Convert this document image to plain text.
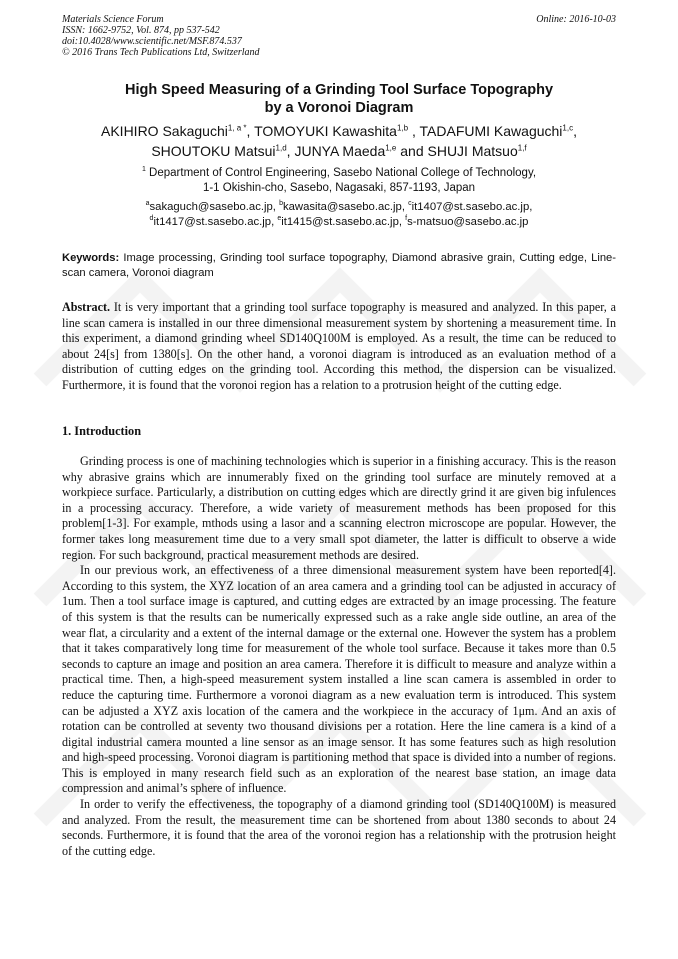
Materials Science Forum
ISSN: 1662-9752, Vol. 874, pp 537-542
doi:10.4028/www.scientific.net/MSF.874.537
© 2016 Trans Tech Publications Ltd, Switzerland
Online: 2016-10-03
High Speed Measuring of a Grinding Tool Surface Topography
by a Voronoi Diagram
AKIHIRO Sakaguchi$^{1, a *}$, TOMOYUKI Kawashita$^{1,b}$ , TADAFUMI Kawaguchi$^{1,c}$,
SHOUTOKU Matsui$^{1,d}$, JUNYA Maeda$^{1,e}$ and SHUJI Matsuo$^{1,f}$
$^1$ Department of Control Engineering, Sasebo National College of Technology,
1-1 Okishin-cho, Sasebo, Nagasaki, 857-1193, Japan
$^a$sakaguch@sasebo.ac.jp, $^b$kawasita@sasebo.ac.jp, $^c$it1407@st.sasebo.ac.jp,
$^d$it1417@st.sasebo.ac.jp, $^e$it1415@st.sasebo.ac.jp, $^f$s-matsuo@sasebo.ac.jp
Keywords: Image processing, Grinding tool surface topography, Diamond abrasive grain, Cutting edge, Line-scan camera, Voronoi diagram
Abstract. It is very important that a grinding tool surface topography is measured and analyzed. In this paper, a line scan camera is installed in our three dimensional measurement system by shortening a measurement time. In this experiment, a diamond grinding wheel SD140Q100M is employed. As a result, the time can be reduced to about 24[s] from 1380[s]. On the other hand, a voronoi diagram is introduced as an evaluation method of a distribution of cutting edges on the grinding tool. According this method, the dispersion can be visualized. Furthermore, it is found that the voronoi region has a relation to a protrusion height of the cutting edge.
1. Introduction

Grinding process is one of machining technologies which is superior in a finishing accuracy. This is the reason why abrasive grains which are innumerably fixed on the grinding tool surface are minutely removed at a workpiece surface. Particularly, a distribution on cutting edges which are directly grind it are given big infulences in a processing accuracy. Therefore, a wide variety of measurement methods has been proposed for this problem[1-3]. For example, mthods using a lasor and a scanning electron microscope are popular. However, the former takes long measurement time due to a very small spot diameter, the latter is difficult to observe a wide region. For such background, practical measurement methods are desired.

In our previous work, an effectiveness of a three dimensional measurement system have been reported[4]. According to this system, the XYZ location of an area camera and a grinding tool can be adjusted in accuracy of 1um. Then a tool surface image is captured, and cutting edges are extracted by an image processing. The feature of this system is that the results can be numerically expressed such as a rake angle side outline, an area of the wear flat, a circularity and a extent of the internal damage or the external one. However the system has a problem that it takes comparatively long time for measurement of the whole tool surface. Because it takes more than 0.5 seconds to capture an image and position an area camera. Therefore it is difficult to measure and analyze within a practical time. Then, a high-speed measurement system installed a line scan camera is assembled in order to reduce the capturing time. Furthermore a voronoi diagram as a new evaluation term is introduced. This system can be adjusted a XYZ axis location of the camera and the workpiece in the accuracy of 1μm. And an axis of rotation can be controlled at seventy two thousand divisions per a rotation. Here the line camera is a kind of a digital industrial camera mounted a line sensor as an image sensor. It has some features such as high resolution and high-speed processing. Voronoi diagram is partitioning method that space is divided into a number of regions. This is employed in many research field such as an exploration of the nearest base station, an image data compression and animal’s sphere of influence.

In order to verify the effectiveness, the topography of a diamond grinding tool (SD140Q100M) is measured and analyzed. From the result, the measurement time can be shortened from about 1380 seconds to about 24 seconds. Furthermore, it is found that the area of the voronoi region has a relationship with the protrusion height of the cutting edge.
